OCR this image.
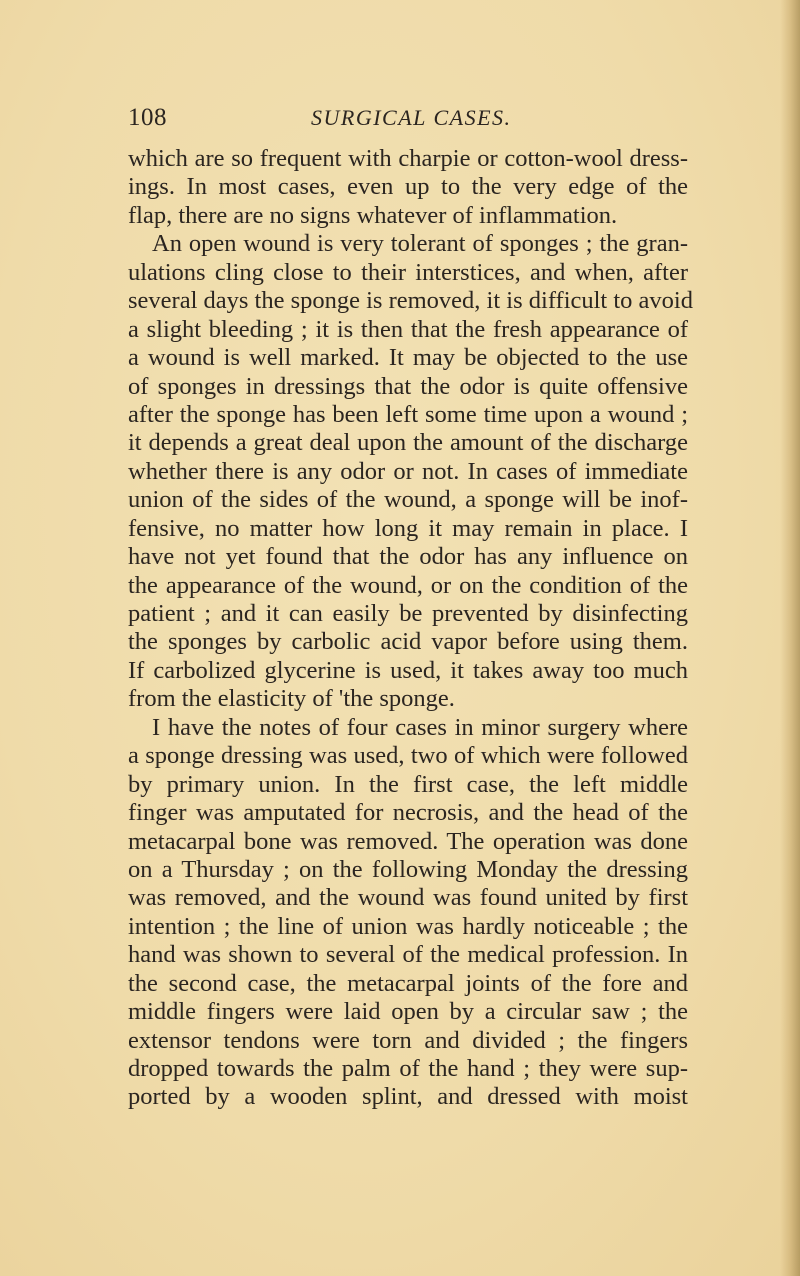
108	SURGICAL CASES.
which are so frequent with charpie or cotton-wool dress-
ings. In most cases, even up to the very edge of the
flap, there are no signs whatever of inflammation.
An open wound is very tolerant of sponges ; the gran-
ulations cling close to their interstices, and when, after
several days the sponge is removed, it is difficult to avoid
a slight bleeding ; it is then that the fresh appearance of
a wound is well marked. It may be objected to the use
of sponges in dressings that the odor is quite offensive
after the sponge has been left some time upon a wound ;
it depends a great deal upon the amount of the discharge
whether there is any odor or not. In cases of immediate
union of the sides of the wound, a sponge will be inof-
fensive, no matter how long it may remain in place. I
have not yet found that the odor has any influence on
the appearance of the wound, or on the condition of the
patient ; and it can easily be prevented by disinfecting
the sponges by carbolic acid vapor before using them.
If carbolized glycerine is used, it takes away too much
from the elasticity of 'the sponge.
I have the notes of four cases in minor surgery where
a sponge dressing was used, two of which were followed
by primary union. In the first case, the left middle
finger was amputated for necrosis, and the head of the
metacarpal bone was removed. The operation was done
on a Thursday ; on the following Monday the dressing
was removed, and the wound was found united by first
intention ; the line of union was hardly noticeable ; the
hand was shown to several of the medical profession. In
the second case, the metacarpal joints of the fore and
middle fingers were laid open by a circular saw ; the
extensor tendons were torn and divided ; the fingers
dropped towards the palm of the hand ; they were sup-
ported by a wooden splint, and dressed with moist
